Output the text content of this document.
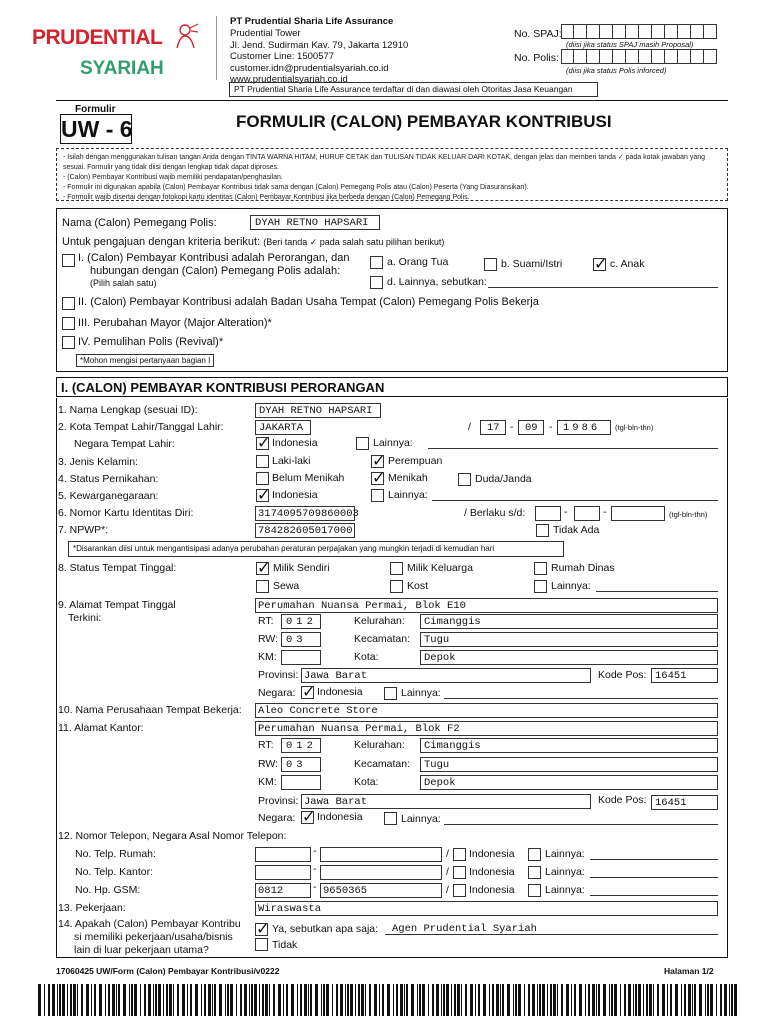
PRUDENTIAL
SYARIAH
PT Prudential Sharia Life Assurance
Prudential Tower
Jl. Jend. Sudirman Kav. 79, Jakarta 12910
Customer Line: 1500577
customer.idn@prudentialsyariah.co.id
www.prudentialsyariah.co.id
No. SPAJ:
(diisi jika status SPAJ masih Proposal)
No. Polis:
(diisi jika status Polis inforced)
PT Prudential Sharia Life Assurance terdaftar di dan diawasi oleh Otoritas Jasa Keuangan
Formulir
UW - 6	FORMULIR (CALON) PEMBAYAR KONTRIBUSI
- Isilah dengan menggunakan tulisan tangan Anda dengan TINTA WARNA HITAM, HURUF CETAK dan TULISAN TIDAK KELUAR DARI KOTAK, dengan jelas dan memberi tanda ✓ pada kotak jawaban yang
sesuai. Formulir yang tidak diisi dengan lengkap tidak dapat diproses.
- (Calon) Pembayar Kontribusi wajib memiliki pendapatan/penghasilan.
- Formulir ini digunakan apabila (Calon) Pembayar Kontribusi tidak sama dengan (Calon) Pemegang Polis atau (Calon) Peserta (Yang Diasuransikan).
- Formulir wajib disertai dengan fotokopi kartu identitas (Calon) Pembayar Kontribusi jika berbeda dengan (Calon) Pemegang Polis.
Nama (Calon) Pemegang Polis:	DYAH RETNO HAPSARI
Untuk pengajuan dengan kriteria berikut: (Beri tanda ✓ pada salah satu pilihan berikut)
I. (Calon) Pembayar Kontribusi adalah Perorangan, dan
hubungan dengan (Calon) Pemegang Polis adalah:
(Pilih salah satu)
a. Orang Tua	b. Suami/Istri ✓	c. Anak
d. Lainnya, sebutkan:
II. (Calon) Pembayar Kontribusi adalah Badan Usaha Tempat (Calon) Pemegang Polis Bekerja
III. Perubahan Mayor (Major Alteration)*
IV. Pemulihan Polis (Revival)*
*Mohon mengisi pertanyaan bagian I
I. (CALON) PEMBAYAR KONTRIBUSI PERORANGAN
1. Nama Lengkap (sesuai ID):	DYAH RETNO HAPSARI
2. Kota Tempat Lahir/Tanggal Lahir:	JAKARTA	/ 17 - 09 - 1986 (tgl-bln-thn)
Negara Tempat Lahir: ✓	Indonesia	Lainnya:
3. Jenis Kelamin:	Laki-laki ✓	Perempuan
4. Status Pernikahan:	Belum Menikah ✓	Menikah	Duda/Janda
5. Kewarganegaraan: ✓	Indonesia	Lainnya:
6. Nomor Kartu Identitas Diri:	3174095709860003	/ Berlaku s/d:	-	-	(tgl-bln-thn)
7. NPWP*:	784282605017000	Tidak Ada
*Disarankan diisi untuk mengantisipasi adanya perubahan peraturan perpajakan yang mungkin terjadi di kemudian hari
8. Status Tempat Tinggal: ✓	Milik Sendiri	Milik Keluarga	Rumah Dinas
Sewa	Kost	Lainnya:
9. Alamat Tempat Tinggal
Terkini:
Perumahan Nuansa Permai, Blok E10
RT: 012	Kelurahan: Cimanggis
RW: 03	Kecamatan: Tugu
KM:	Kota:	Depok
Provinsi: Jawa Barat	Kode Pos: 16451
Negara: ✓ Indonesia	Lainnya:
10. Nama Perusahaan Tempat Bekerja: Aleo Concrete Store
11. Alamat Kantor:	Perumahan Nuansa Permai, Blok F2
RT: 012	Kelurahan: Cimanggis
RW: 03	Kecamatan: Tugu
KM:	Kota:	Depok
Provinsi: Jawa Barat	Kode Pos: 16451
Negara: ✓ Indonesia	Lainnya:
12. Nomor Telepon, Negara Asal Nomor Telepon:
No. Telp. Rumah:	-	/ Indonesia	Lainnya:
No. Telp. Kantor:	-	/ Indonesia	Lainnya:
No. Hp. GSM:	0812	- 9650365	/ Indonesia	Lainnya:
13. Pekerjaan:	Wiraswasta
14. Apakah (Calon) Pembayar Kontribu
si memiliki pekerjaan/usaha/bisnis
lain di luar pekerjaan utama?
✓
Ya, sebutkan apa saja: Agen Prudential Syariah
Tidak
17060425 UW/Form (Calon) Pembayar Kontribusi/v0222	Halaman 1/2
